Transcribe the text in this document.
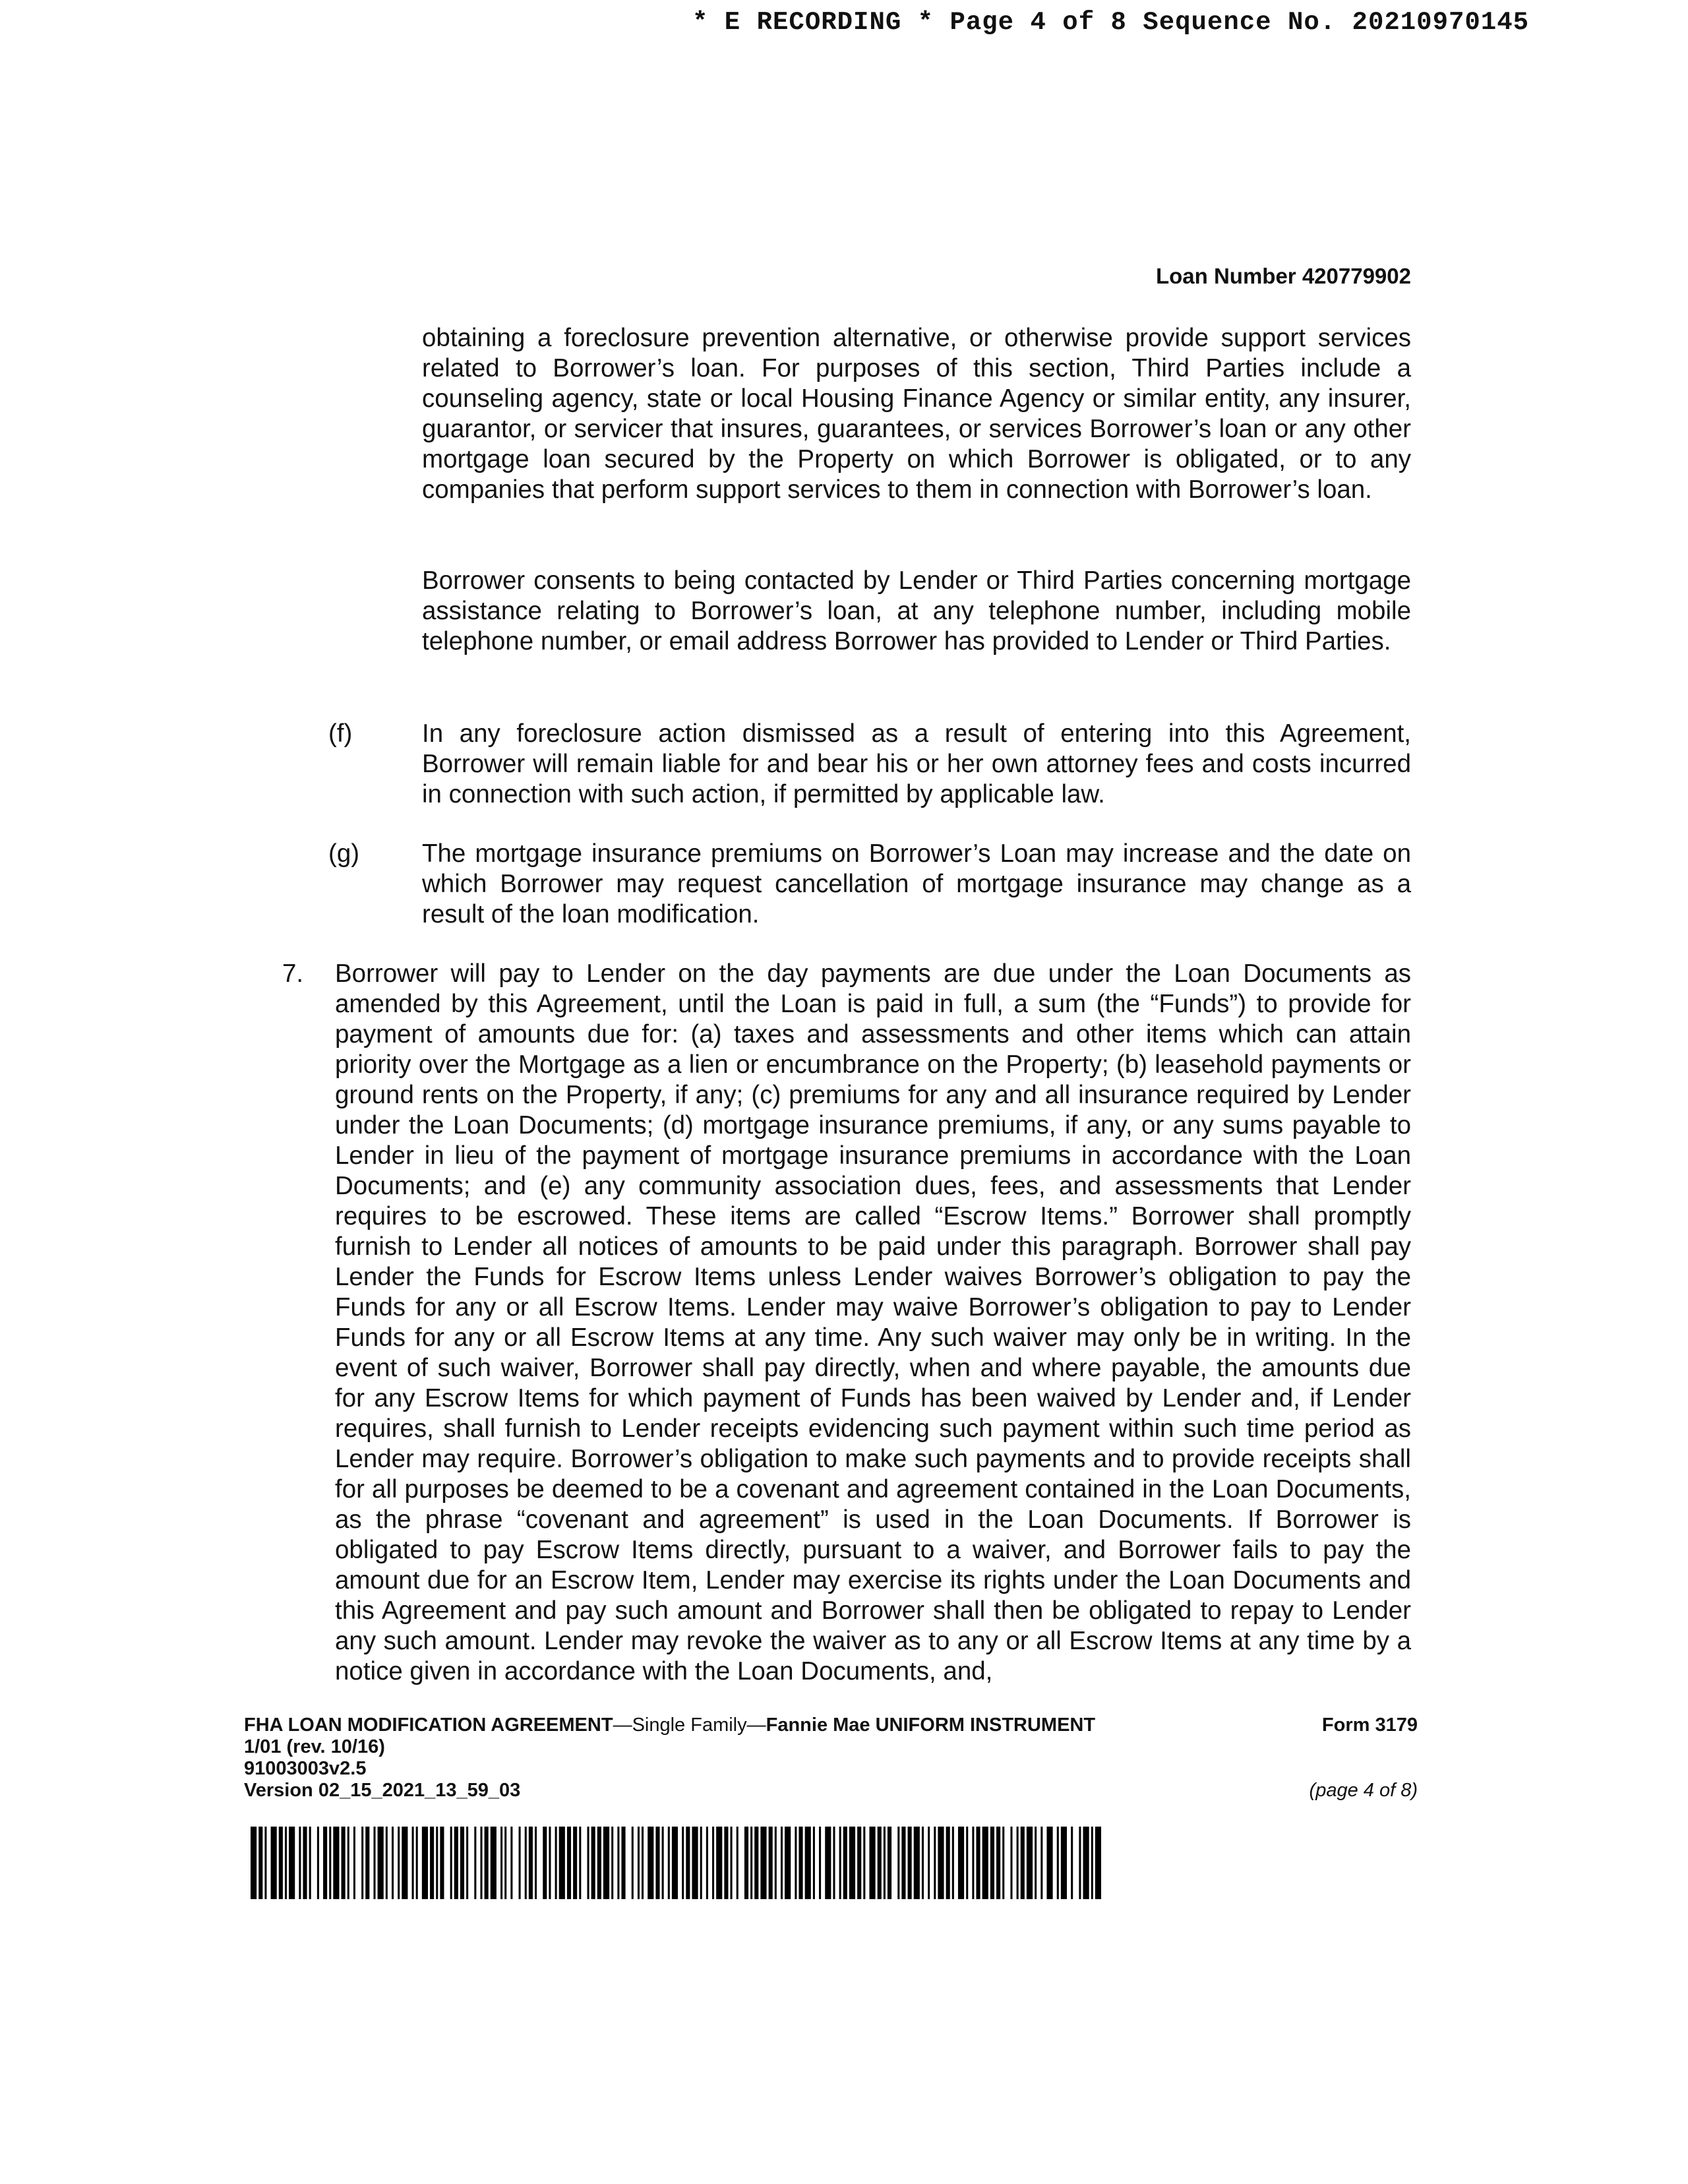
* E RECORDING * Page 4 of 8 Sequence No. 20210970145
Loan Number 420779902

obtaining a foreclosure prevention alternative, or otherwise provide support services related to Borrower’s loan. For purposes of this section, Third Parties include a counseling agency, state or local Housing Finance Agency or similar entity, any insurer, guarantor, or servicer that insures, guarantees, or services Borrower’s loan or any other mortgage loan secured by the Property on which Borrower is obligated, or to any companies that perform support services to them in connection with Borrower’s loan.

Borrower consents to being contacted by Lender or Third Parties concerning mortgage assistance relating to Borrower’s loan, at any telephone number, including mobile telephone number, or email address Borrower has provided to Lender or Third Parties.

(f)	In any foreclosure action dismissed as a result of entering into this Agreement, Borrower will remain liable for and bear his or her own attorney fees and costs incurred in connection with such action, if permitted by applicable law.

(g) The mortgage insurance premiums on Borrower’s Loan may increase and the date on which Borrower may request cancellation of mortgage insurance may change as a result of the loan modification.

7. Borrower will pay to Lender on the day payments are due under the Loan Documents as amended by this Agreement, until the Loan is paid in full, a sum (the “Funds”) to provide for payment of amounts due for: (a) taxes and assessments and other items which can attain priority over the Mortgage as a lien or encumbrance on the Property; (b) leasehold payments or ground rents on the Property, if any; (c) premiums for any and all insurance required by Lender under the Loan Documents; (d) mortgage insurance premiums, if any, or any sums payable to Lender in lieu of the payment of mortgage insurance premiums in accordance with the Loan Documents; and (e) any community association dues, fees, and assessments that Lender requires to be escrowed. These items are called “Escrow Items.” Borrower shall promptly furnish to Lender all notices of amounts to be paid under this paragraph. Borrower shall pay Lender the Funds for Escrow Items unless Lender waives Borrower’s obligation to pay the Funds for any or all Escrow Items. Lender may waive Borrower’s obligation to pay to Lender Funds for any or all Escrow Items at any time. Any such waiver may only be in writing. In the event of such waiver, Borrower shall pay directly, when and where payable, the amounts due for any Escrow Items for which payment of Funds has been waived by Lender and, if Lender requires, shall furnish to Lender receipts evidencing such payment within such time period as Lender may require. Borrower’s obligation to make such payments and to provide receipts shall for all purposes be deemed to be a covenant and agreement contained in the Loan Documents, as the phrase “covenant and agreement” is used in the Loan Documents. If Borrower is obligated to pay Escrow Items directly, pursuant to a waiver, and Borrower fails to pay the amount due for an Escrow Item, Lender may exercise its rights under the Loan Documents and this Agreement and pay such amount and Borrower shall then be obligated to repay to Lender any such amount. Lender may revoke the waiver as to any or all Escrow Items at any time by a notice given in accordance with the Loan Documents, and,

FHA LOAN MODIFICATION AGREEMENT—Single Family—Fannie Mae UNIFORM INSTRUMENT
1/01 (rev. 10/16)
91003003v2.5
Version 02_15_2021_13_59_03
Form 3179
(page 4 of 8)
